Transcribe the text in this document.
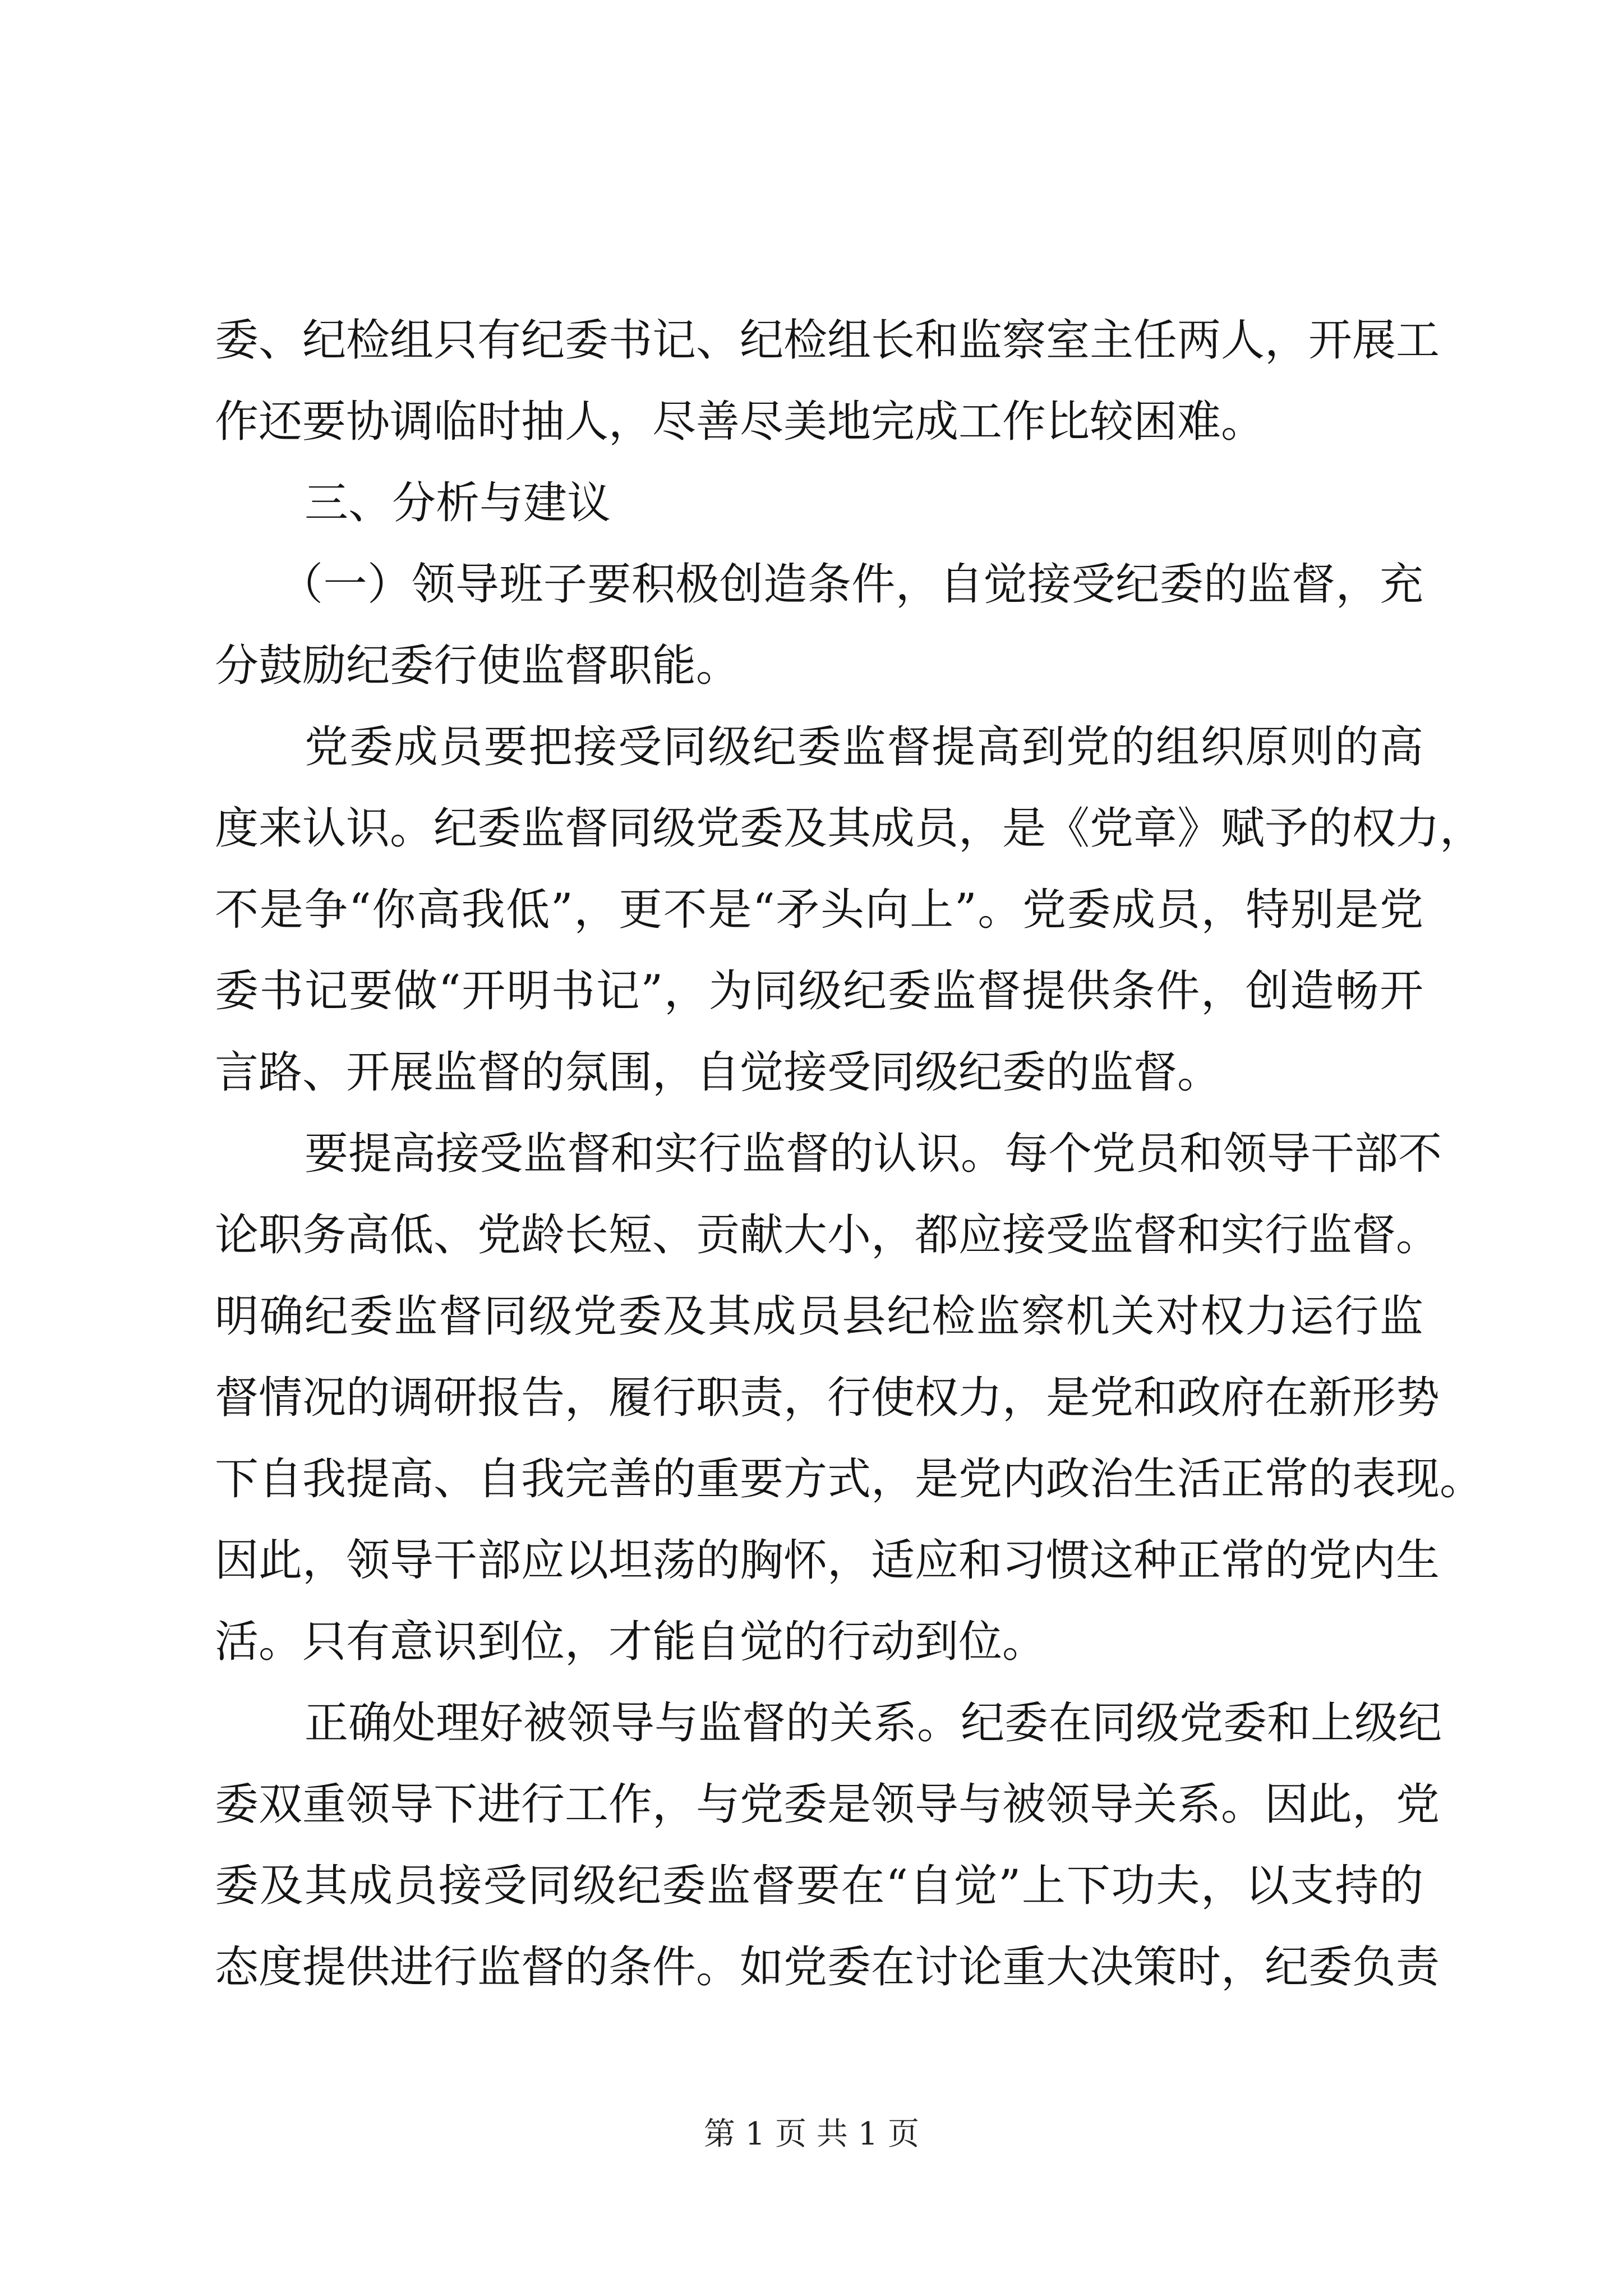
委、纪检组只有纪委书记、纪检组长和监察室主任两人，开展工
作还要协调临时抽人，尽善尽美地完成工作比较困难。
三、分析与建议
（一）领导班子要积极创造条件，自觉接受纪委的监督，充
分鼓励纪委行使监督职能。
党委成员要把接受同级纪委监督提高到党的组织原则的高
度来认识。纪委监督同级党委及其成员，是《党章》赋予的权力，
不是争“你高我低”，更不是“矛头向上”。党委成员，特别是党
委书记要做“开明书记”，为同级纪委监督提供条件，创造畅开
言路、开展监督的氛围，自觉接受同级纪委的监督。
要提高接受监督和实行监督的认识。每个党员和领导干部不
论职务高低、党龄长短、贡献大小，都应接受监督和实行监督。
明确纪委监督同级党委及其成员县纪检监察机关对权力运行监
督情况的调研报告，履行职责，行使权力，是党和政府在新形势
下自我提高、自我完善的重要方式，是党内政治生活正常的表现。
因此，领导干部应以坦荡的胸怀，适应和习惯这种正常的党内生
活。只有意识到位，才能自觉的行动到位。
正确处理好被领导与监督的关系。纪委在同级党委和上级纪
委双重领导下进行工作，与党委是领导与被领导关系。因此，党
委及其成员接受同级纪委监督要在“自觉”上下功夫，以支持的
态度提供进行监督的条件。如党委在讨论重大决策时，纪委负责
第 1 页 共 1 页
